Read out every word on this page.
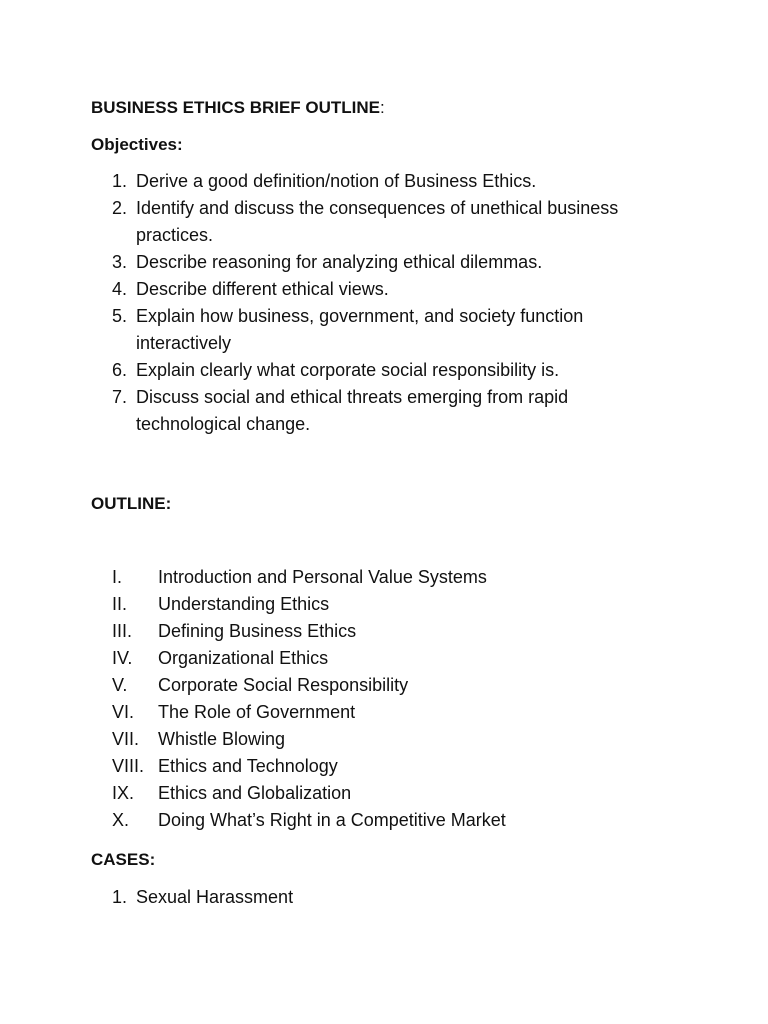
BUSINESS ETHICS BRIEF OUTLINE:
Objectives:
1. Derive a good definition/notion of Business Ethics.
2. Identify and discuss the consequences of unethical business practices.
3. Describe reasoning for analyzing ethical dilemmas.
4. Describe different ethical views.
5. Explain how business, government, and society function interactively
6. Explain clearly what corporate social responsibility is.
7. Discuss social and ethical threats emerging from rapid technological change.
OUTLINE:
I. Introduction and Personal Value Systems
II. Understanding Ethics
III. Defining Business Ethics
IV. Organizational Ethics
V. Corporate Social Responsibility
VI. The Role of Government
VII. Whistle Blowing
VIII. Ethics and Technology
IX. Ethics and Globalization
X. Doing What’s Right in a Competitive Market
CASES:
1. Sexual Harassment
